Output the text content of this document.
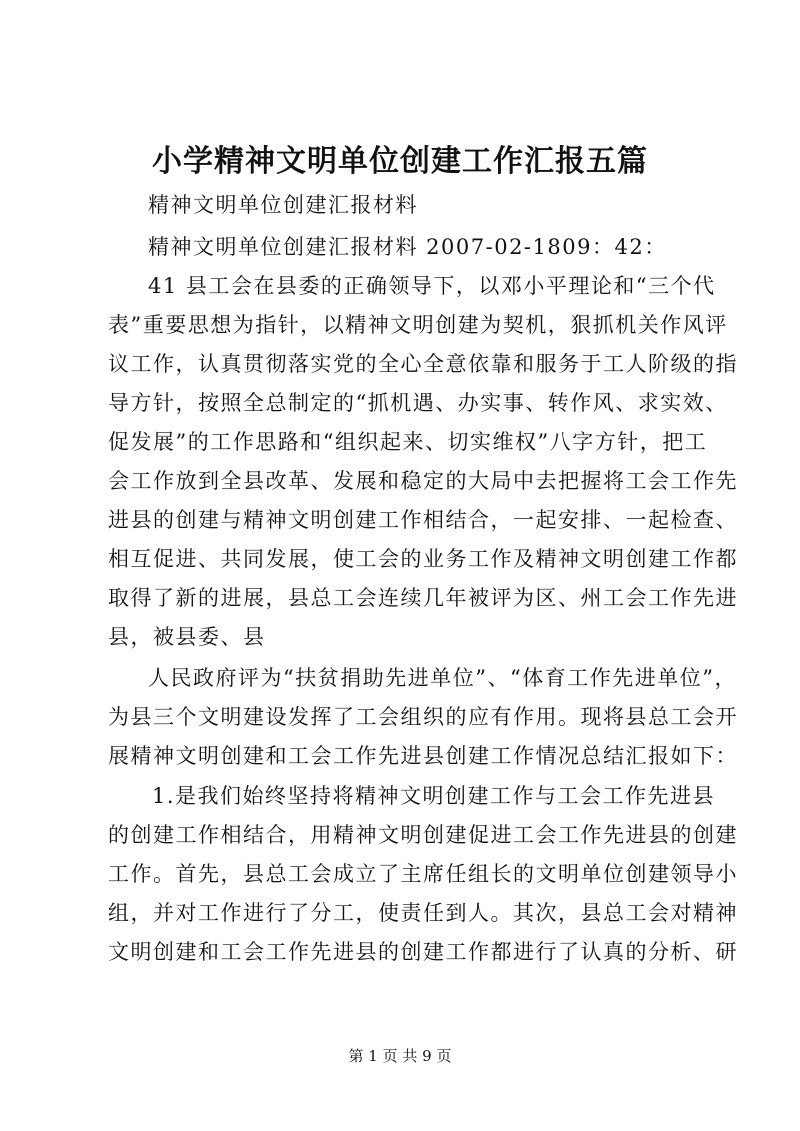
小学精神文明单位创建工作汇报五篇
精神文明单位创建汇报材料
精神文明单位创建汇报材料 2007-02-1809：42：
41 县工会在县委的正确领导下，以邓小平理论和“三个代
表”重要思想为指针，以精神文明创建为契机，狠抓机关作风评
议工作，认真贯彻落实党的全心全意依靠和服务于工人阶级的指
导方针，按照全总制定的“抓机遇、办实事、转作风、求实效、
促发展”的工作思路和“组织起来、切实维权”八字方针，把工
会工作放到全县改革、发展和稳定的大局中去把握将工会工作先
进县的创建与精神文明创建工作相结合，一起安排、一起检查、
相互促进、共同发展，使工会的业务工作及精神文明创建工作都
取得了新的进展，县总工会连续几年被评为区、州工会工作先进
县，被县委、县
人民政府评为“扶贫捐助先进单位”、“体育工作先进单位”，
为县三个文明建设发挥了工会组织的应有作用。现将县总工会开
展精神文明创建和工会工作先进县创建工作情况总结汇报如下：
1.是我们始终坚持将精神文明创建工作与工会工作先进县
的创建工作相结合，用精神文明创建促进工会工作先进县的创建
工作。首先，县总工会成立了主席任组长的文明单位创建领导小
组，并对工作进行了分工，使责任到人。其次，县总工会对精神
文明创建和工会工作先进县的创建工作都进行了认真的分析、研
第 1 页 共 9 页
